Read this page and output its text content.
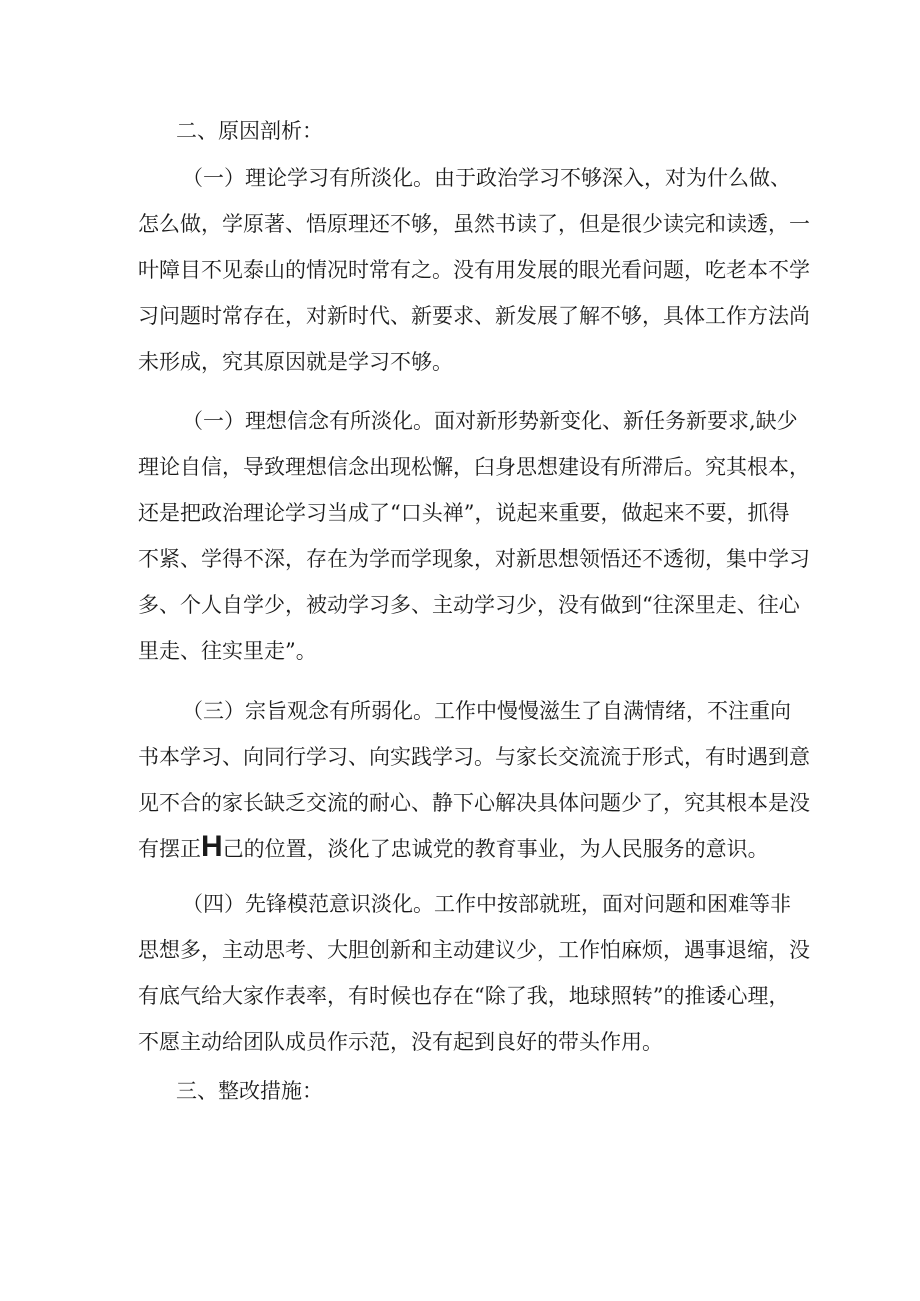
二、原因剖析：
（一）理论学习有所淡化。由于政治学习不够深入，对为什么做、
怎么做，学原著、悟原理还不够，虽然书读了，但是很少读完和读透，一
叶障目不见泰山的情况时常有之。没有用发展的眼光看问题，吃老本不学
习问题时常存在，对新时代、新要求、新发展了解不够，具体工作方法尚
未形成，究其原因就是学习不够。
（一）理想信念有所淡化。面对新形势新变化、新任务新要求,缺少
理论自信，导致理想信念出现松懈，臼身思想建设有所滞后。究其根本，
还是把政治理论学习当成了“口头禅”，说起来重要，做起来不要，抓得
不紧、学得不深，存在为学而学现象，对新思想领悟还不透彻，集中学习
多、个人自学少，被动学习多、主动学习少，没有做到“往深里走、往心
里走、往实里走”。
（三）宗旨观念有所弱化。工作中慢慢滋生了自满情绪，不注重向
书本学习、向同行学习、向实践学习。与家长交流流于形式，有时遇到意
见不合的家长缺乏交流的耐心、静下心解决具体问题少了，究其根本是没
有摆正H己的位置，淡化了忠诚党的教育事业，为人民服务的意识。
（四）先锋模范意识淡化。工作中按部就班，面对问题和困难等非
思想多，主动思考、大胆创新和主动建议少，工作怕麻烦，遇事退缩，没
有底气给大家作表率，有时候也存在“除了我，地球照转”的推诿心理，
不愿主动给团队成员作示范，没有起到良好的带头作用。
三、整改措施：
